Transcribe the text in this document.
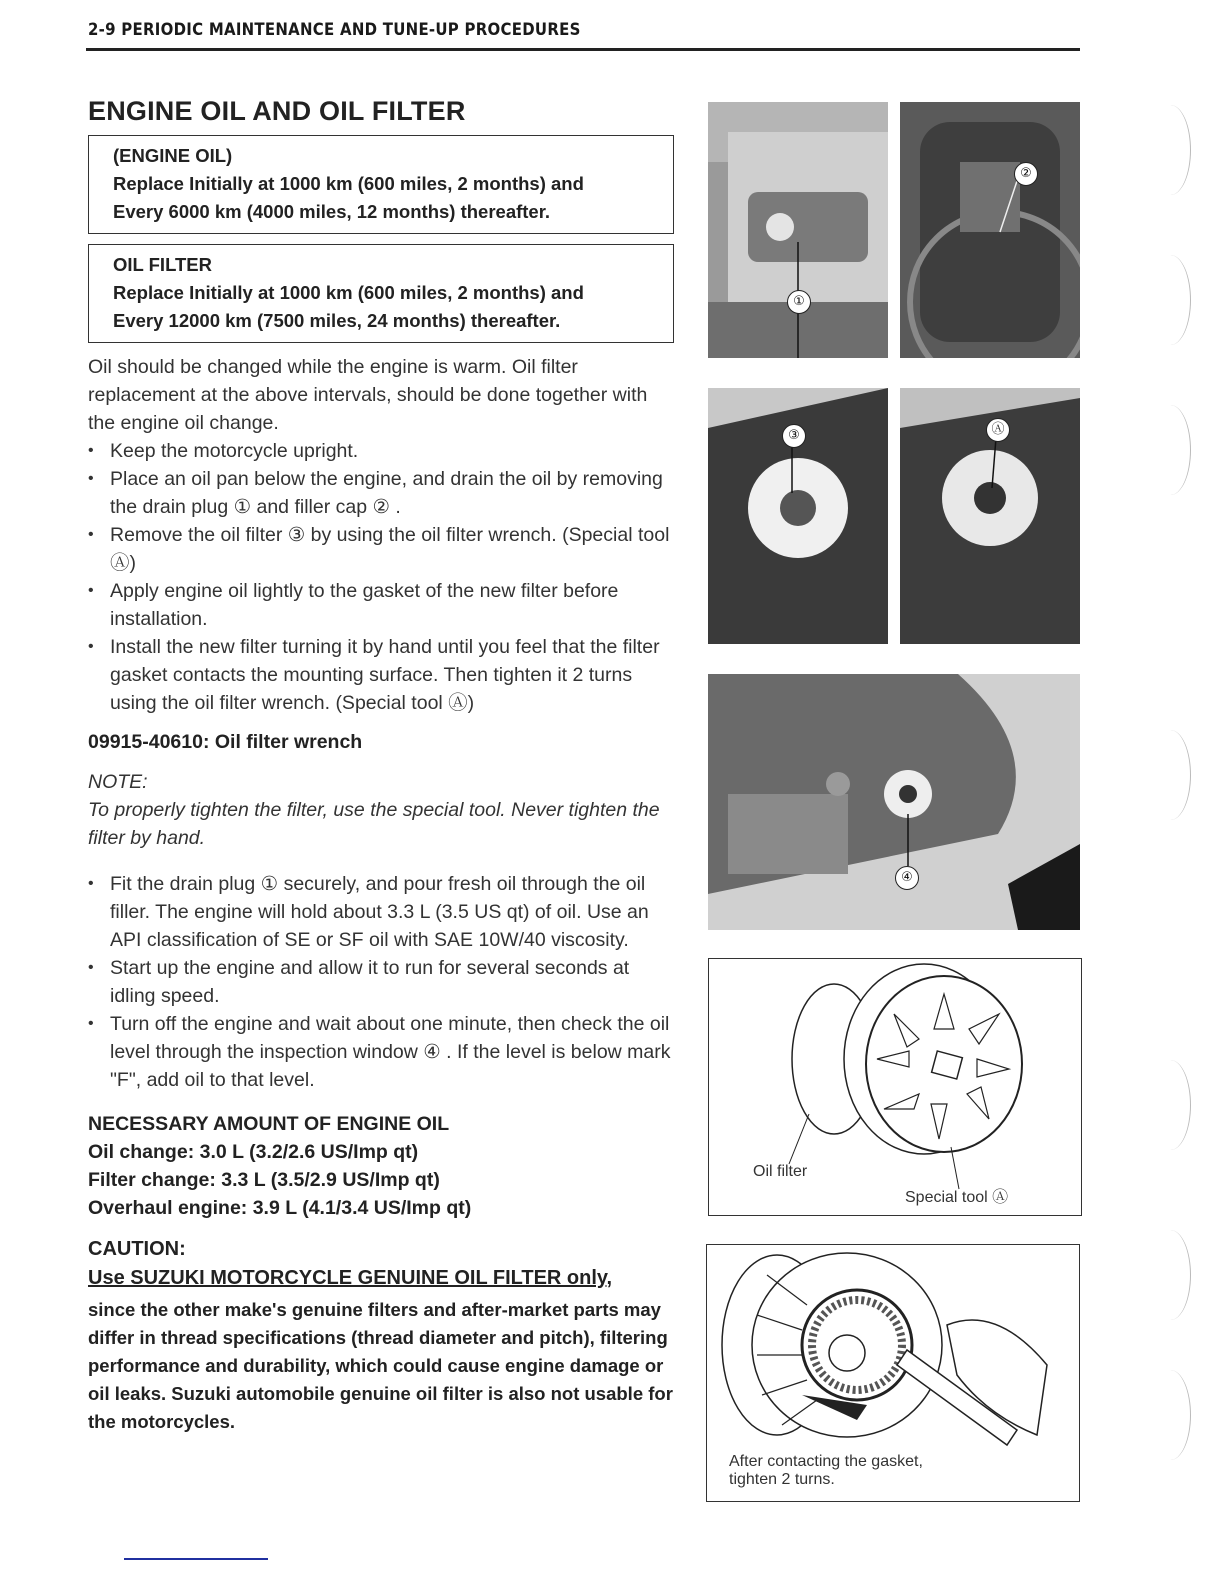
2-9 PERIODIC MAINTENANCE AND TUNE-UP PROCEDURES
ENGINE OIL AND OIL FILTER
(ENGINE OIL)
Replace Initially at 1000 km (600 miles, 2 months) and
Every 6000 km (4000 miles, 12 months) thereafter.
OIL FILTER
Replace Initially at 1000 km (600 miles, 2 months) and
Every 12000 km (7500 miles, 24 months) thereafter.

Oil should be changed while the engine is warm. Oil filter replacement at the above intervals, should be done together with the engine oil change.

• Keep the motorcycle upright.
• Place an oil pan below the engine, and drain the oil by removing the drain plug ① and filler cap ② .
• Remove the oil filter ③ by using the oil filter wrench. (Special tool Ⓐ)
• Apply engine oil lightly to the gasket of the new filter before installation.
• Install the new filter turning it by hand until you feel that the filter gasket contacts the mounting surface. Then tighten it 2 turns using the oil filter wrench. (Special tool Ⓐ)
09915-40610: Oil filter wrench
NOTE:
To properly tighten the filter, use the special tool. Never tighten the filter by hand.
• Fit the drain plug ① securely, and pour fresh oil through the oil filler. The engine will hold about 3.3 L (3.5 US qt) of oil. Use an API classification of SE or SF oil with SAE 10W/40 viscosity.
• Start up the engine and allow it to run for several seconds at idling speed.
• Turn off the engine and wait about one minute, then check the oil level through the inspection window ④ . If the level is below mark "F", add oil to that level.
NECESSARY AMOUNT OF ENGINE OIL
Oil change: 3.0 L (3.2/2.6 US/Imp qt)
Filter change: 3.3 L (3.5/2.9 US/Imp qt)
Overhaul engine: 3.9 L (4.1/3.4 US/Imp qt)
CAUTION:
Use SUZUKI MOTORCYCLE GENUINE OIL FILTER only,
since the other make's genuine filters and after-market parts may differ in thread specifications (thread diameter and pitch), filtering performance and durability, which could cause engine damage or oil leaks. Suzuki automobile genuine oil filter is also not usable for the motorcycles.
①
②
③	Ⓐ
④
Oil filter
Special tool Ⓐ
After contacting the gasket,
tighten 2 turns.
